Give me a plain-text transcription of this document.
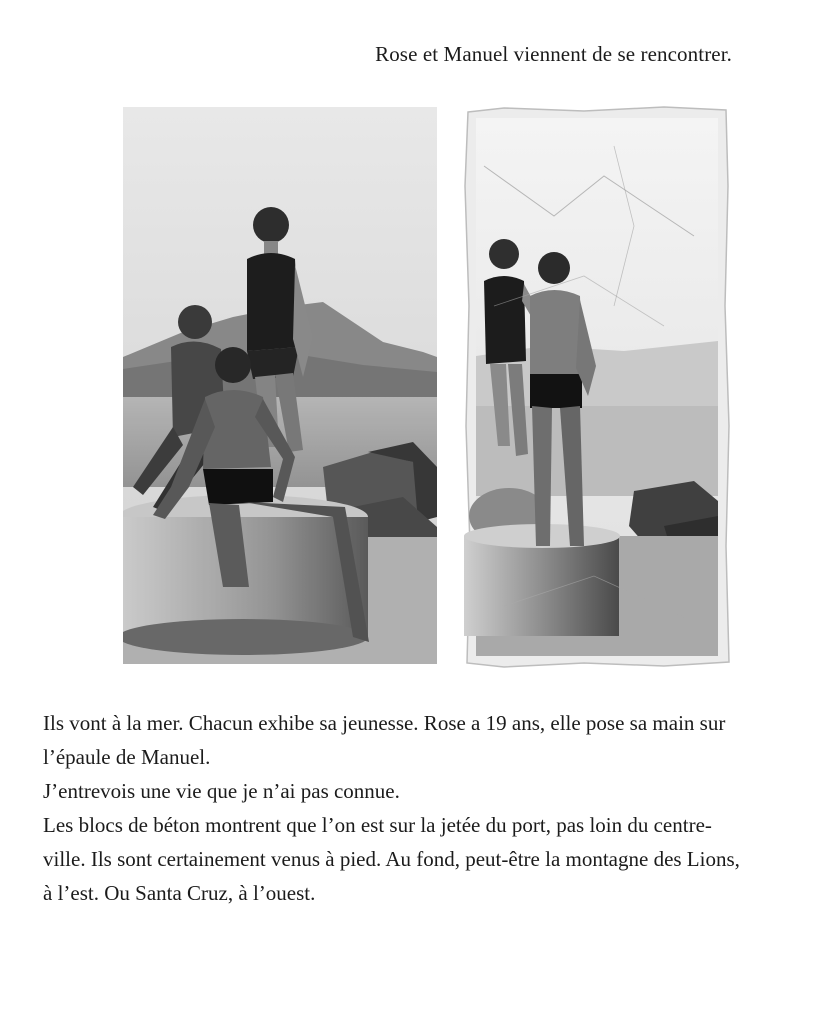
Rose et Manuel viennent de se rencontrer.

Ils vont à la mer. Chacun exhibe sa jeunesse. Rose a 19 ans, elle pose sa main sur l’épaule de Manuel.

J’entrevois une vie que je n’ai pas connue.

Les blocs de béton montrent que l’on est sur la jetée du port, pas loin du centre-ville. Ils sont certainement venus à pied. Au fond, peut-être la montagne des Lions, à l’est. Ou Santa Cruz, à l’ouest.
